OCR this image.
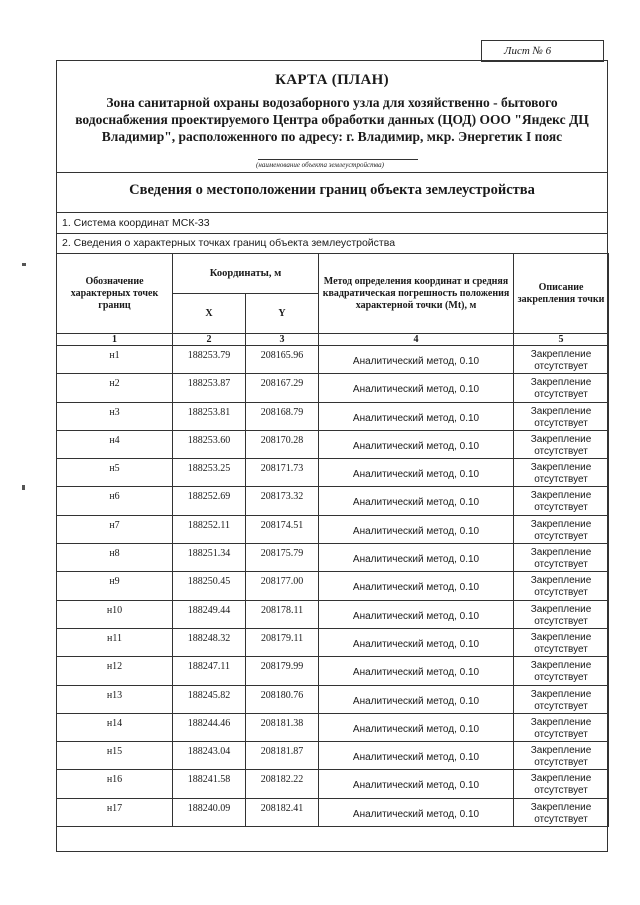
Лист № 6
КАРТА (ПЛАН)
Зона санитарной охраны водозаборного узла для хозяйственно - бытового водоснабжения проектируемого Центра обработки данных (ЦОД) ООО "Яндекс ДЦ Владимир", расположенного по адресу: г. Владимир, мкр. Энергетик I пояс
(наименование объекта землеустройства)
Сведения о местоположении границ объекта землеустройства
1. Система координат МСК-33
2. Сведения о характерных точках границ объекта землеустройства
Обозначение характерных точек границ	Координаты, м		Метод определения координат и средняя квадратическая погрешность положения характерной точки (Mt), м	Описание закрепления точки
	X	Y		
1	2	3	4	5

н1	188253.79	208165.96	Аналитический метод, 0.10	Закрепление отсутствует

н2	188253.87	208167.29	Аналитический метод, 0.10	Закрепление отсутствует

н3	188253.81	208168.79	Аналитический метод, 0.10	Закрепление отсутствует

н4	188253.60	208170.28	Аналитический метод, 0.10	Закрепление отсутствует

н5	188253.25	208171.73	Аналитический метод, 0.10	Закрепление отсутствует

н6	188252.69	208173.32	Аналитический метод, 0.10	Закрепление отсутствует

н7	188252.11	208174.51	Аналитический метод, 0.10	Закрепление отсутствует

н8	188251.34	208175.79	Аналитический метод, 0.10	Закрепление отсутствует

н9	188250.45	208177.00	Аналитический метод, 0.10	Закрепление отсутствует

н10	188249.44	208178.11	Аналитический метод, 0.10	Закрепление отсутствует

н11	188248.32	208179.11	Аналитический метод, 0.10	Закрепление отсутствует

н12	188247.11	208179.99	Аналитический метод, 0.10	Закрепление отсутствует

н13	188245.82	208180.76	Аналитический метод, 0.10	Закрепление отсутствует

н14	188244.46	208181.38	Аналитический метод, 0.10	Закрепление отсутствует

н15	188243.04	208181.87	Аналитический метод, 0.10	Закрепление отсутствует

н16	188241.58	208182.22	Аналитический метод, 0.10	Закрепление отсутствует

н17	188240.09	208182.41	Аналитический метод, 0.10	Закрепление отсутствует
